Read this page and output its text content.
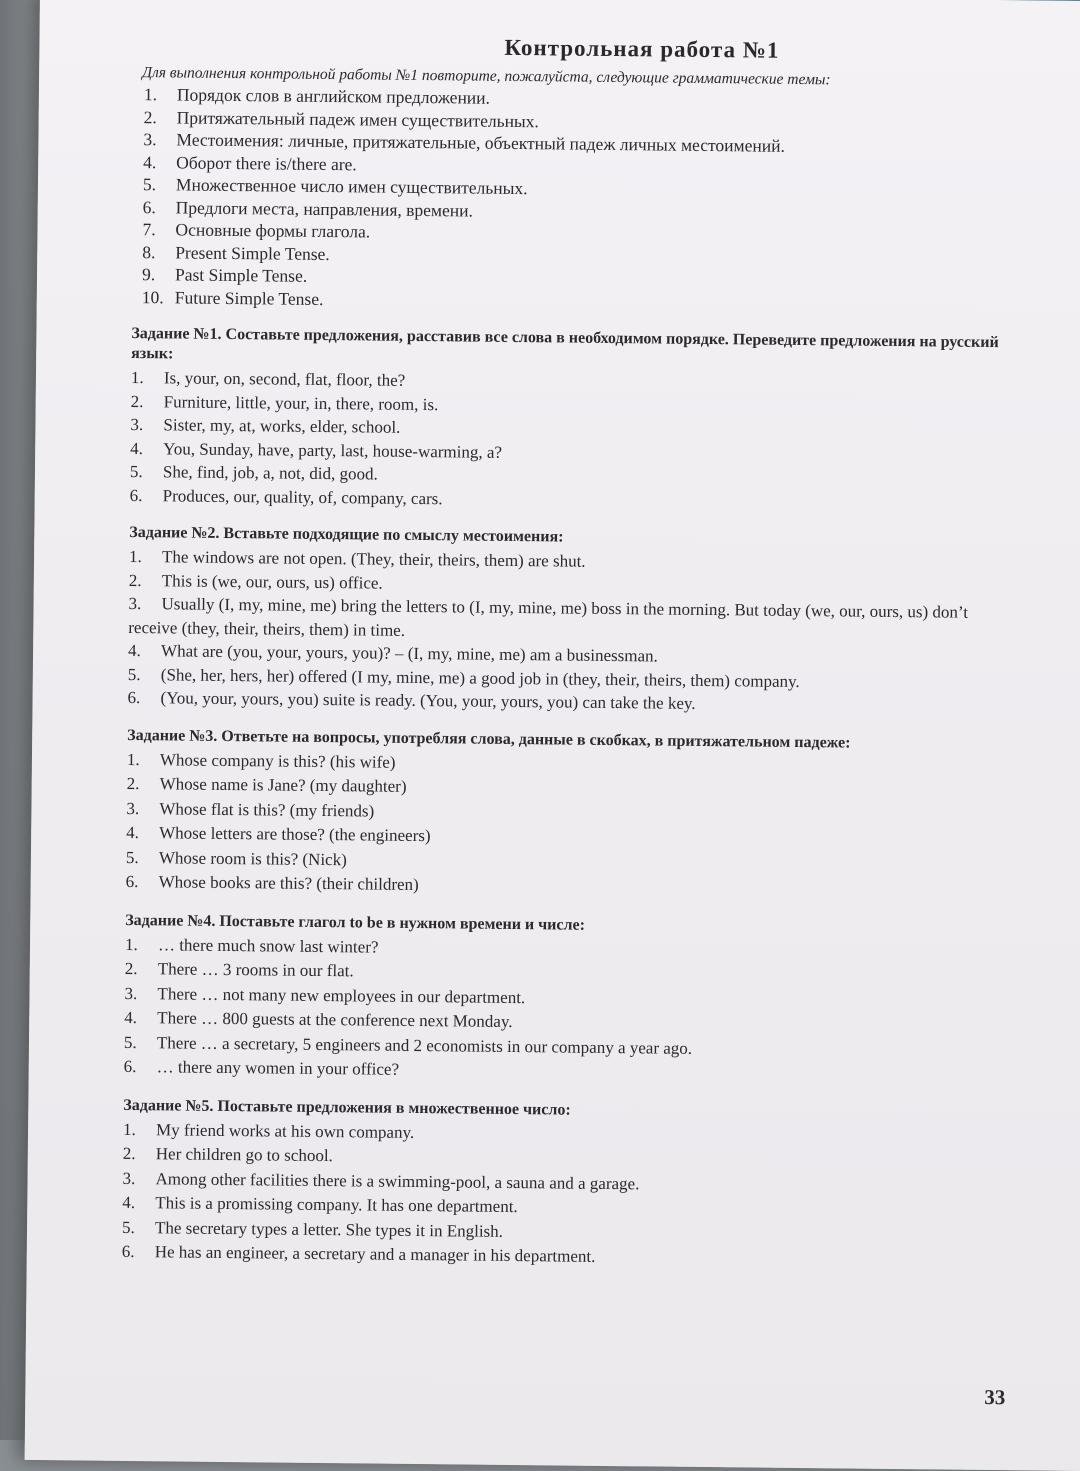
Контрольная работа №1
Для выполнения контрольной работы №1 повторите, пожалуйста, следующие грамматические темы:
1. Порядок слов в английском предложении.
2. Притяжательный падеж имен существительных.
3. Местоимения: личные, притяжательные, объектный падеж личных местоимений.
4. Оборот there is/there are.
5. Множественное число имен существительных.
6. Предлоги места, направления, времени.
7. Основные формы глагола.
8. Present Simple Tense.
9. Past Simple Tense.
10. Future Simple Tense.

Задание №1. Составьте предложения, расставив все слова в необходимом порядке. Переведите предложения на русский язык:

1. Is, your, on, second, flat, floor, the?
2. Furniture, little, your, in, there, room, is.
3. Sister, my, at, works, elder, school.
4. You, Sunday, have, party, last, house-warming, a?
5. She, find, job, a, not, did, good.
6. Produces, our, quality, of, company, cars.

Задание №2. Вставьте подходящие по смыслу местоимения:

1. The windows are not open. (They, their, theirs, them) are shut.
2. This is (we, our, ours, us) office.
3. Usually (I, my, mine, me) bring the letters to (I, my, mine, me) boss in the morning. But today (we, our, ours, us) don’t receive (they, their, theirs, them) in time.
4. What are (you, your, yours, you)? – (I, my, mine, me) am a businessman.
5. (She, her, hers, her) offered (I my, mine, me) a good job in (they, their, theirs, them) company.
6. (You, your, yours, you) suite is ready. (You, your, yours, you) can take the key.

Задание №3. Ответьте на вопросы, употребляя слова, данные в скобках, в притяжательном падеже:

1. Whose company is this? (his wife)
2. Whose name is Jane? (my daughter)
3. Whose flat is this? (my friends)
4. Whose letters are those? (the engineers)
5. Whose room is this? (Nick)
6. Whose books are this? (their children)

Задание №4. Поставьте глагол to be в нужном времени и числе:

1. … there much snow last winter?
2. There … 3 rooms in our flat.
3. There … not many new employees in our department.
4. There … 800 guests at the conference next Monday.
5. There … a secretary, 5 engineers and 2 economists in our company a year ago.
6. … there any women in your office?

Задание №5. Поставьте предложения в множественное число:

1. My friend works at his own company.
2. Her children go to school.
3. Among other facilities there is a swimming-pool, a sauna and a garage.
4. This is a promissing company. It has one department.
5. The secretary types a letter. She types it in English.
6. He has an engineer, a secretary and a manager in his department.
33
